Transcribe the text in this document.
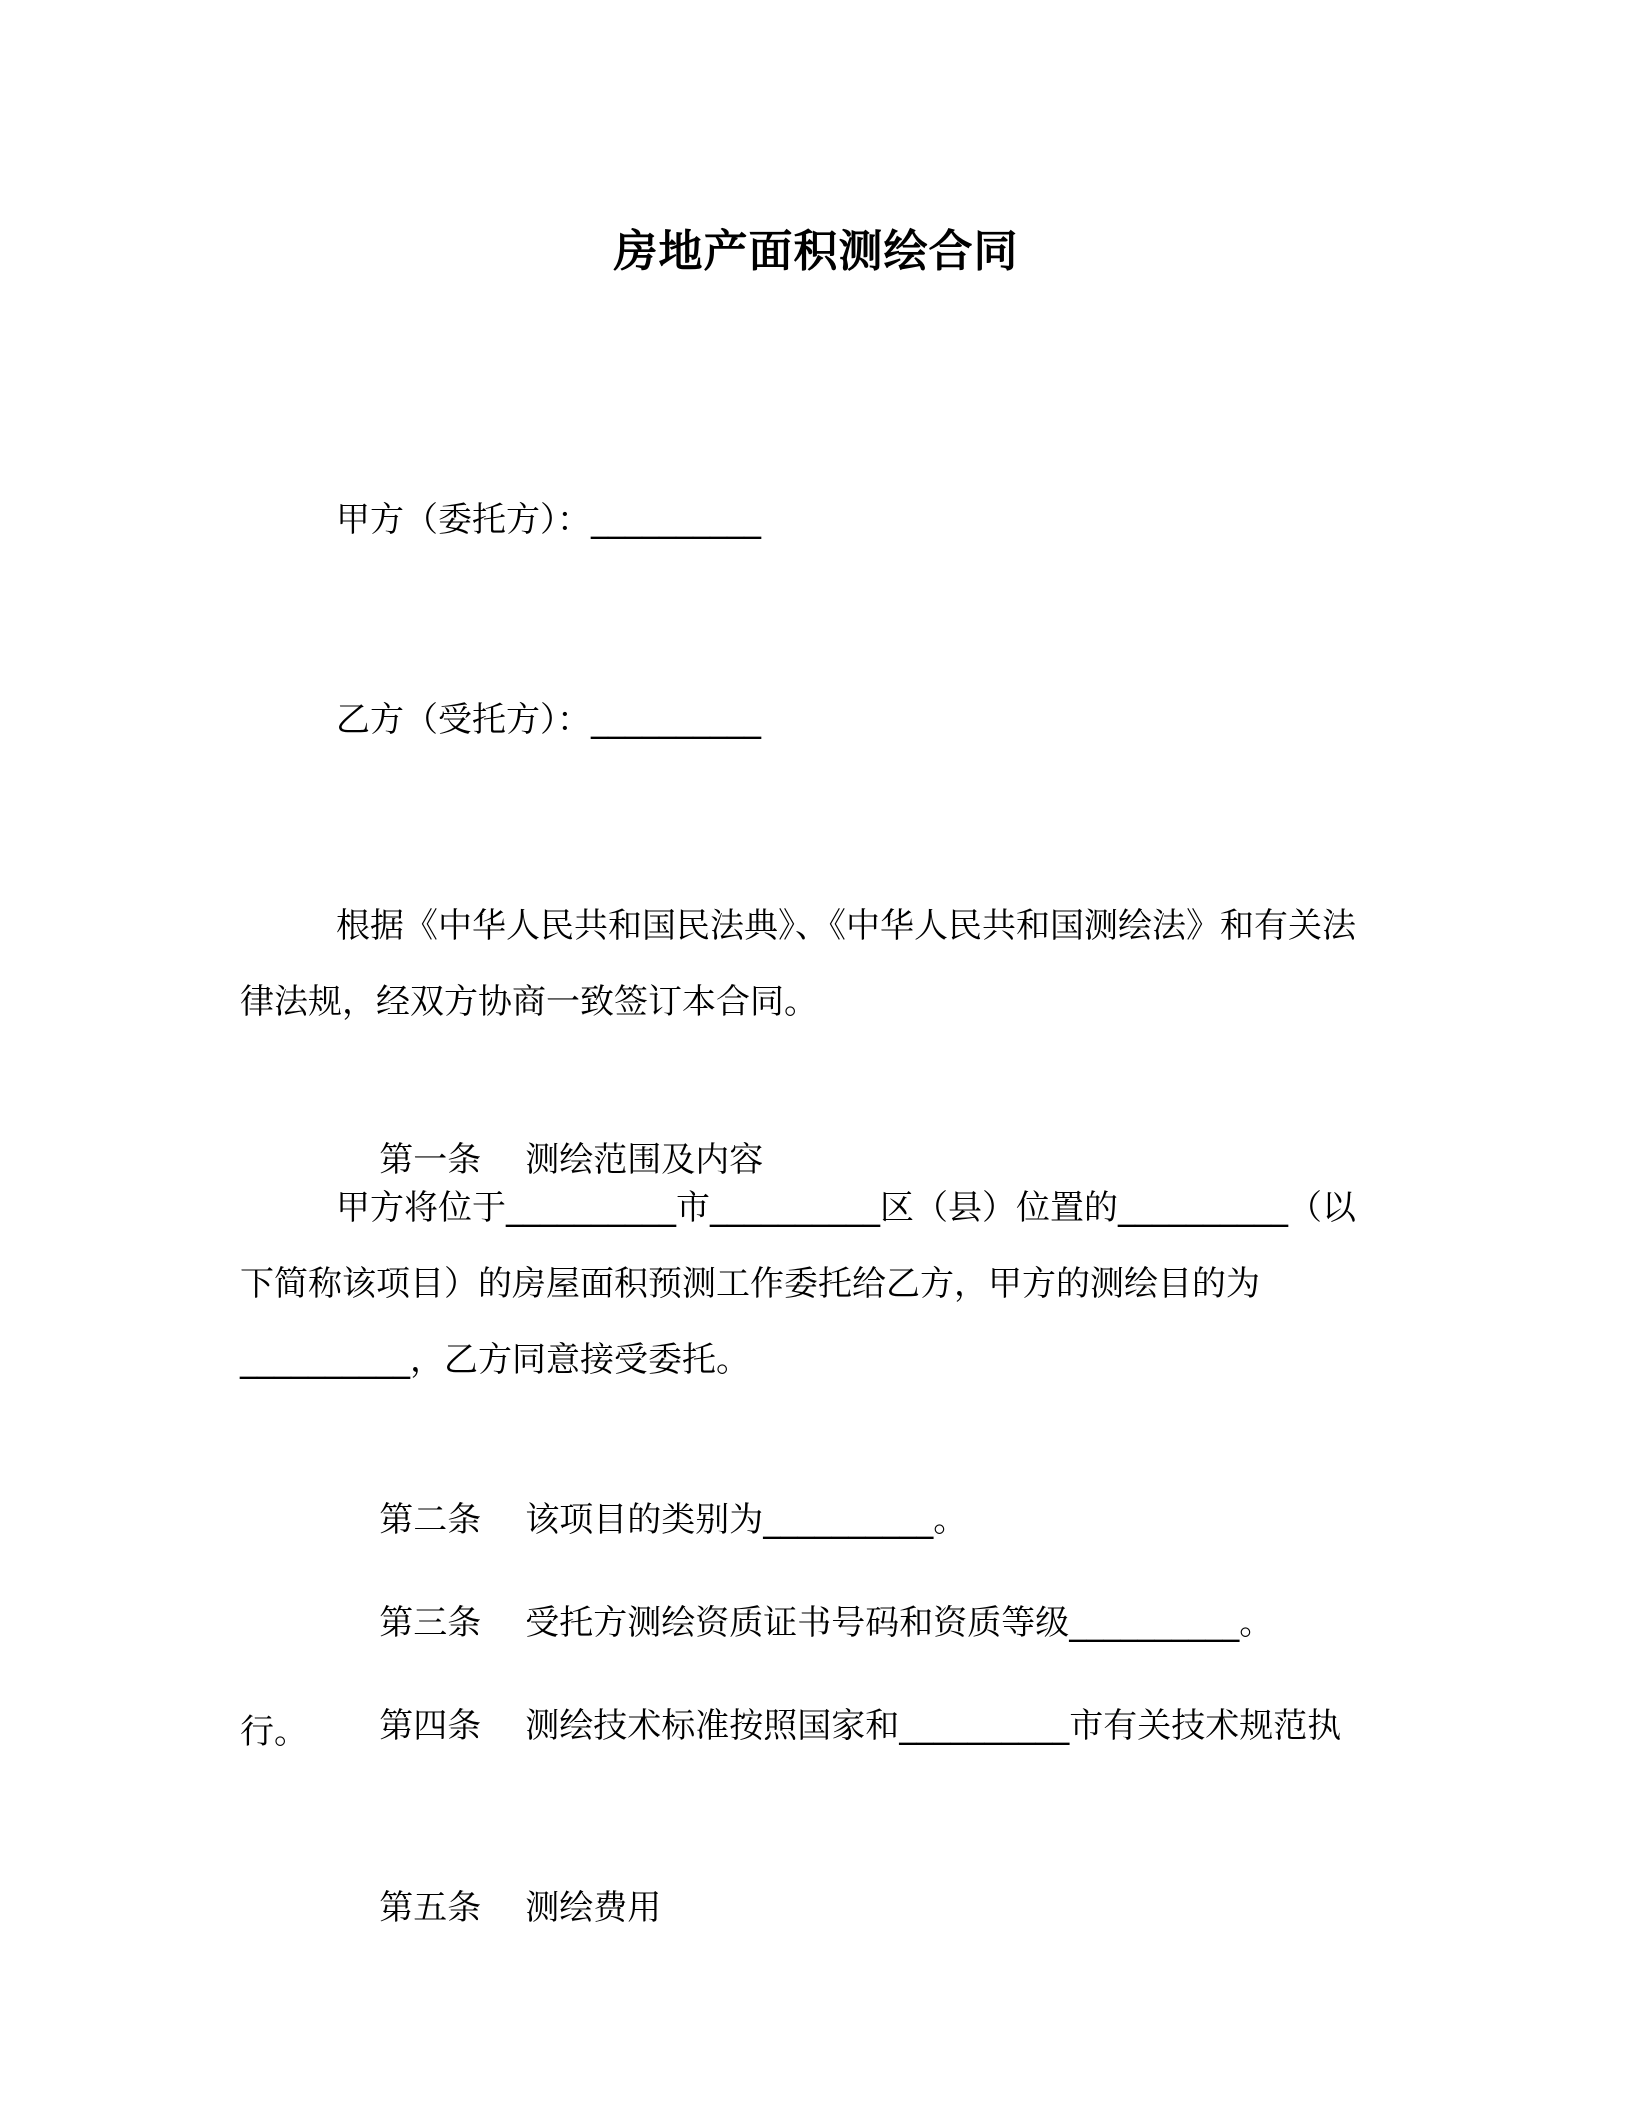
房地产面积测绘合同
甲方（委托方）：__________
乙方（受托方）：__________
根据《中华人民共和国民法典》、《中华人民共和国测绘法》和有关法律法规，经双方协商一致签订本合同。

第一条 测绘范围及内容

甲方将位于__________市__________区（县）位置的__________（以下简称该项目）的房屋面积预测工作委托给乙方，甲方的测绘目的为__________，乙方同意接受委托。

第二条 该项目的类别为__________。

第三条 受托方测绘资质证书号码和资质等级__________。

第四条 测绘技术标准按照国家和__________市有关技术规范执

行。

第五条 测绘费用
